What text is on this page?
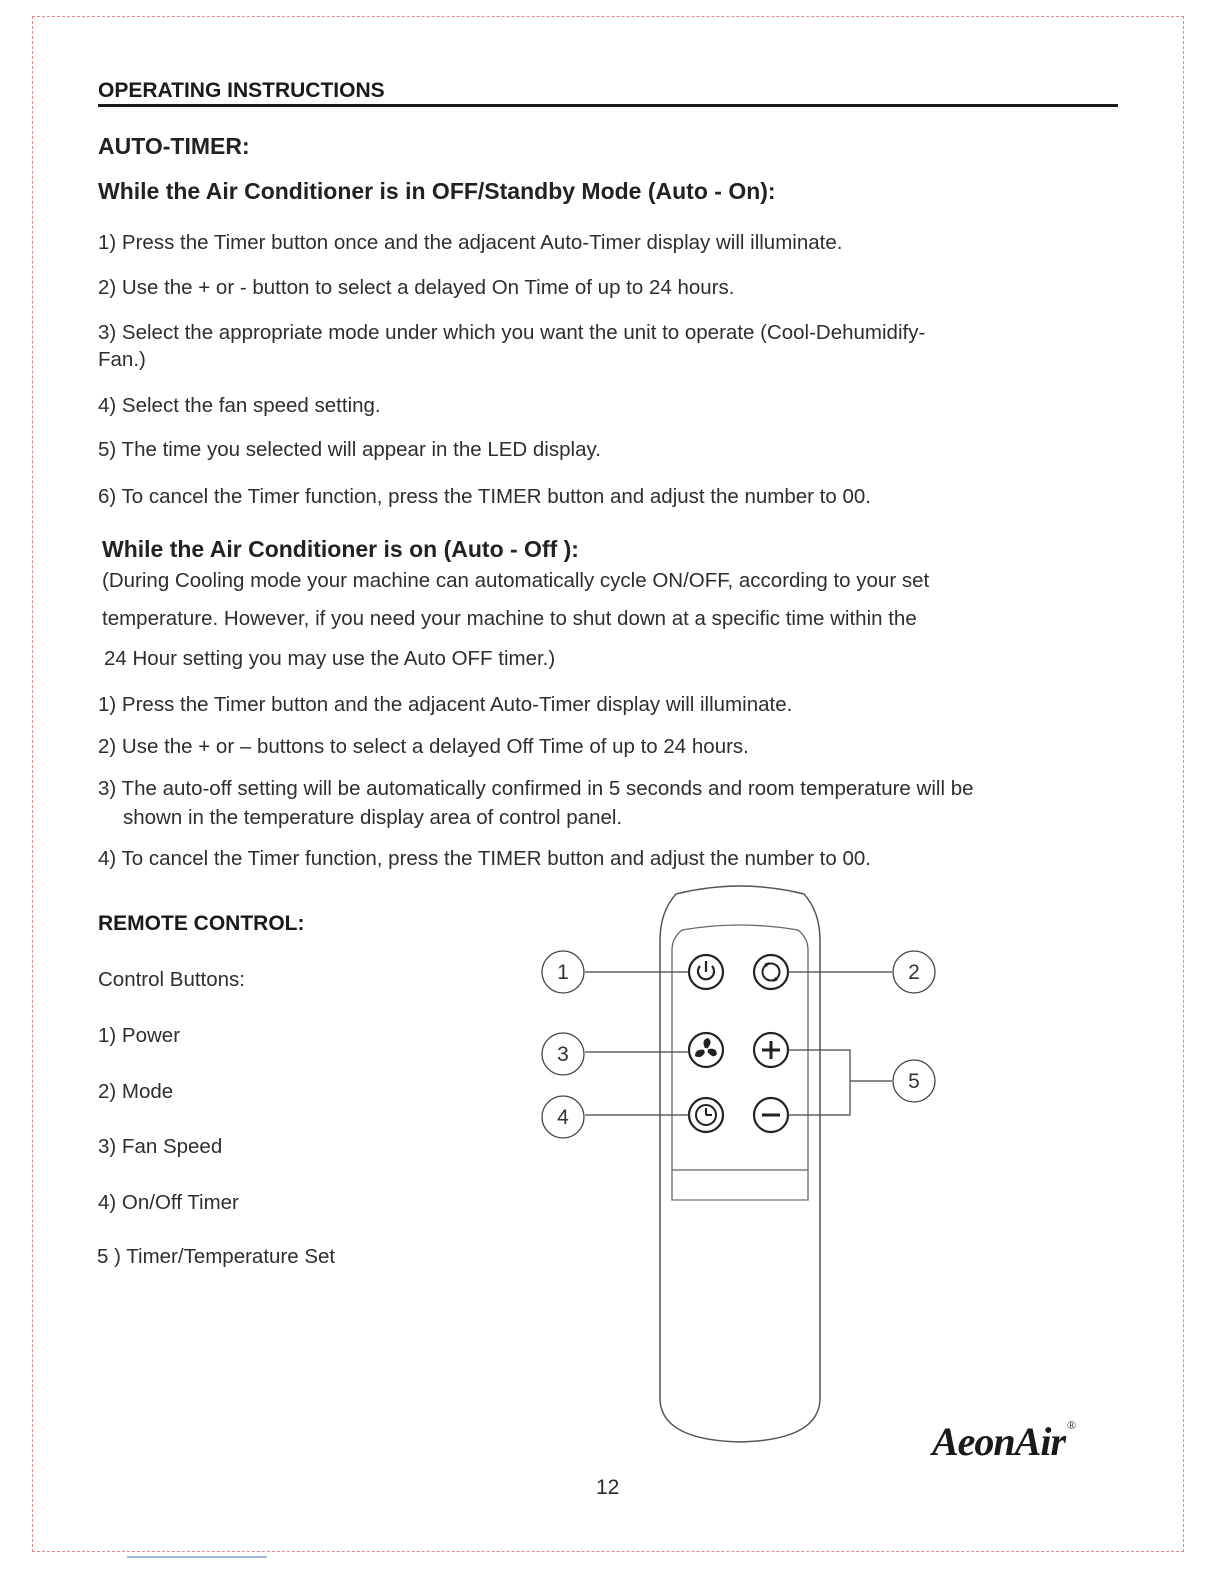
OPERATING INSTRUCTIONS
AUTO-TIMER:
While the Air Conditioner is in OFF/Standby Mode (Auto - On):
1) Press the Timer button once and the adjacent Auto-Timer display will illuminate.
2) Use the + or - button to select a delayed On Time of up to 24 hours.
3) Select the appropriate mode under which you want the unit to operate (Cool-Dehumidify-
Fan.)
4) Select the fan speed setting.
5) The time you selected will appear in the LED display.
6) To cancel the Timer function, press the TIMER button and adjust the number to 00.
While the Air Conditioner is on (Auto - Off ):
(During Cooling mode your machine can automatically cycle ON/OFF, according to your set
temperature. However, if you need your machine to shut down at a specific time within the
24 Hour setting you may use the Auto OFF timer.)
1) Press the Timer button and the adjacent Auto-Timer display will illuminate.
2) Use the + or – buttons to select a delayed Off Time of up to 24 hours.
3) The auto-off setting will be automatically confirmed in 5 seconds and room temperature will be
shown in the temperature display area of control panel.
4) To cancel the Timer function, press the TIMER button and adjust the number to 00.
REMOTE CONTROL:
Control Buttons:
1) Power
2) Mode
3) Fan Speed
4) On/Off Timer
5 ) Timer/Temperature Set
1	2
3
4
5
12
AeonAir ®
